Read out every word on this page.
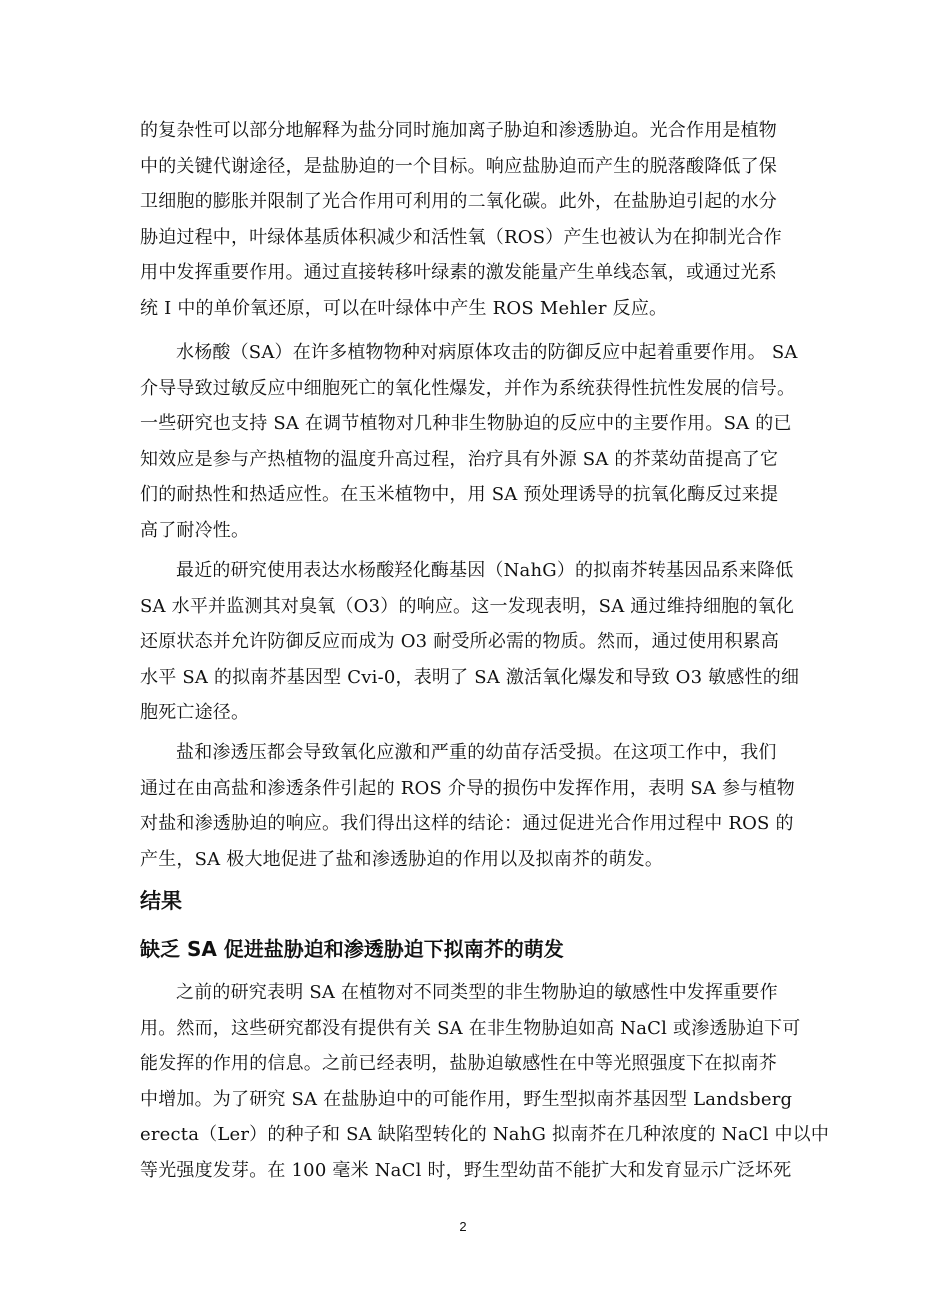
的复杂性可以部分地解释为盐分同时施加离子胁迫和渗透胁迫。光合作用是植物
中的关键代谢途径，是盐胁迫的一个目标。响应盐胁迫而产生的脱落酸降低了保
卫细胞的膨胀并限制了光合作用可利用的二氧化碳。此外，在盐胁迫引起的水分
胁迫过程中，叶绿体基质体积减少和活性氧（ROS）产生也被认为在抑制光合作
用中发挥重要作用。通过直接转移叶绿素的激发能量产生单线态氧，或通过光系
统 I 中的单价氧还原，可以在叶绿体中产生 ROS Mehler 反应。
水杨酸（SA）在许多植物物种对病原体攻击的防御反应中起着重要作用。 SA
介导导致过敏反应中细胞死亡的氧化性爆发，并作为系统获得性抗性发展的信号。
一些研究也支持 SA 在调节植物对几种非生物胁迫的反应中的主要作用。SA 的已
知效应是参与产热植物的温度升高过程，治疗具有外源 SA 的芥菜幼苗提高了它
们的耐热性和热适应性。在玉米植物中，用 SA 预处理诱导的抗氧化酶反过来提
高了耐冷性。
最近的研究使用表达水杨酸羟化酶基因（NahG）的拟南芥转基因品系来降低
SA 水平并监测其对臭氧（O3）的响应。这一发现表明，SA 通过维持细胞的氧化
还原状态并允许防御反应而成为 O3 耐受所必需的物质。然而，通过使用积累高
水平 SA 的拟南芥基因型 Cvi-0，表明了 SA 激活氧化爆发和导致 O3 敏感性的细
胞死亡途径。
盐和渗透压都会导致氧化应激和严重的幼苗存活受损。在这项工作中，我们
通过在由高盐和渗透条件引起的 ROS 介导的损伤中发挥作用，表明 SA 参与植物
对盐和渗透胁迫的响应。我们得出这样的结论：通过促进光合作用过程中 ROS 的
产生，SA 极大地促进了盐和渗透胁迫的作用以及拟南芥的萌发。
结果
缺乏 SA 促进盐胁迫和渗透胁迫下拟南芥的萌发
之前的研究表明 SA 在植物对不同类型的非生物胁迫的敏感性中发挥重要作
用。然而，这些研究都没有提供有关 SA 在非生物胁迫如高 NaCl 或渗透胁迫下可
能发挥的作用的信息。之前已经表明，盐胁迫敏感性在中等光照强度下在拟南芥
中增加。为了研究 SA 在盐胁迫中的可能作用，野生型拟南芥基因型 Landsberg
erecta（Ler）的种子和 SA 缺陷型转化的 NahG 拟南芥在几种浓度的 NaCl 中以中
等光强度发芽。在 100 毫米 NaCl 时，野生型幼苗不能扩大和发育显示广泛坏死
2
